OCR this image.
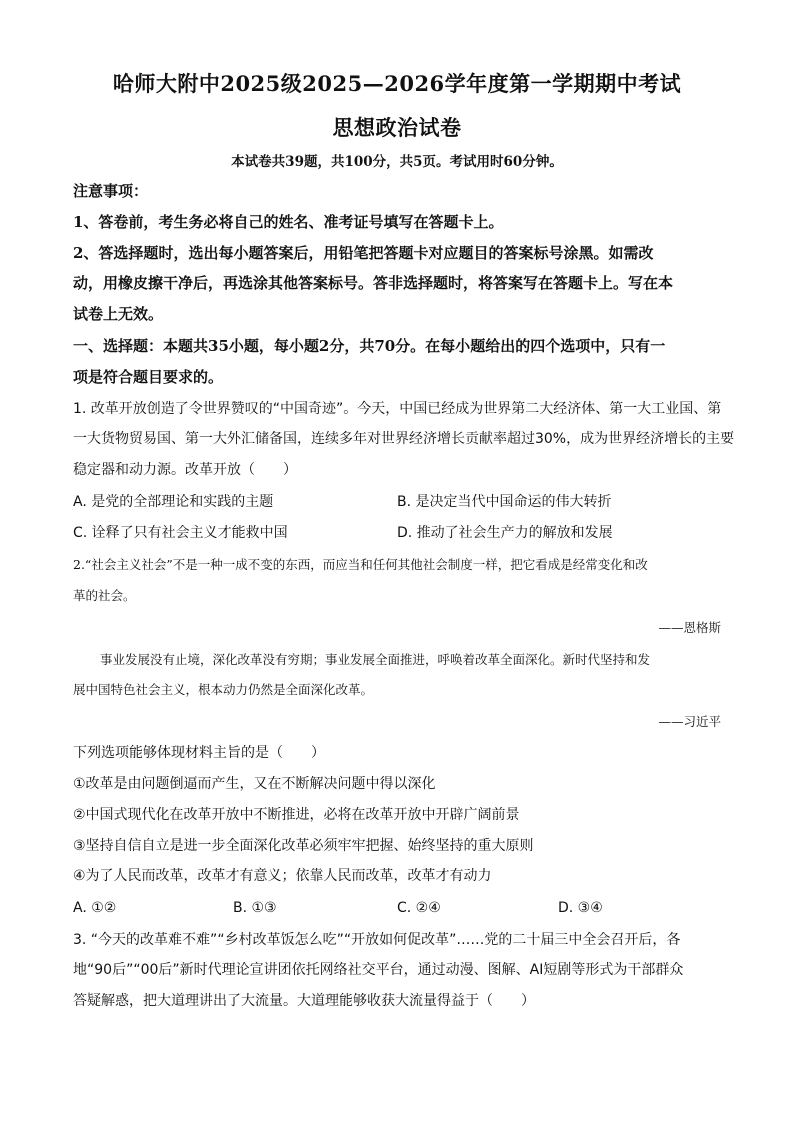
哈师大附中2025级2025—2026学年度第一学期期中考试
思想政治试卷
本试卷共39题，共100分，共5页。考试用时60分钟。
注意事项：
1、答卷前，考生务必将自己的姓名、准考证号填写在答题卡上。
2、答选择题时，选出每小题答案后，用铅笔把答题卡对应题目的答案标号涂黑。如需改
动，用橡皮擦干净后，再选涂其他答案标号。答非选择题时，将答案写在答题卡上。写在本
试卷上无效。
一、选择题：本题共35小题，每小题2分，共70分。在每小题给出的四个选项中，只有一
项是符合题目要求的。
1. 改革开放创造了令世界赞叹的“中国奇迹”。今天，中国已经成为世界第二大经济体、第一大工业国、第
一大货物贸易国、第一大外汇储备国，连续多年对世界经济增长贡献率超过30%，成为世界经济增长的主要
稳定器和动力源。改革开放（　　）
A. 是党的全部理论和实践的主题	B. 是决定当代中国命运的伟大转折
C. 诠释了只有社会主义才能救中国	D. 推动了社会生产力的解放和发展
2.“社会主义社会”不是一种一成不变的东西，而应当和任何其他社会制度一样，把它看成是经常变化和改
革的社会。
——恩格斯
事业发展没有止境，深化改革没有穷期；事业发展全面推进，呼唤着改革全面深化。新时代坚持和发
展中国特色社会主义，根本动力仍然是全面深化改革。
——习近平
下列选项能够体现材料主旨的是（　　）
①改革是由问题倒逼而产生，又在不断解决问题中得以深化
②中国式现代化在改革开放中不断推进，必将在改革开放中开辟广阔前景
③坚持自信自立是进一步全面深化改革必须牢牢把握、始终坚持的重大原则
④为了人民而改革，改革才有意义；依靠人民而改革，改革才有动力
A. ①②	B. ①③	C. ②④	D. ③④
3. “今天的改革难不难”“乡村改革饭怎么吃”“开放如何促改革”……党的二十届三中全会召开后，各
地“90后”“00后”新时代理论宣讲团依托网络社交平台，通过动漫、图解、AI短剧等形式为干部群众
答疑解惑，把大道理讲出了大流量。大道理能够收获大流量得益于（　　）
